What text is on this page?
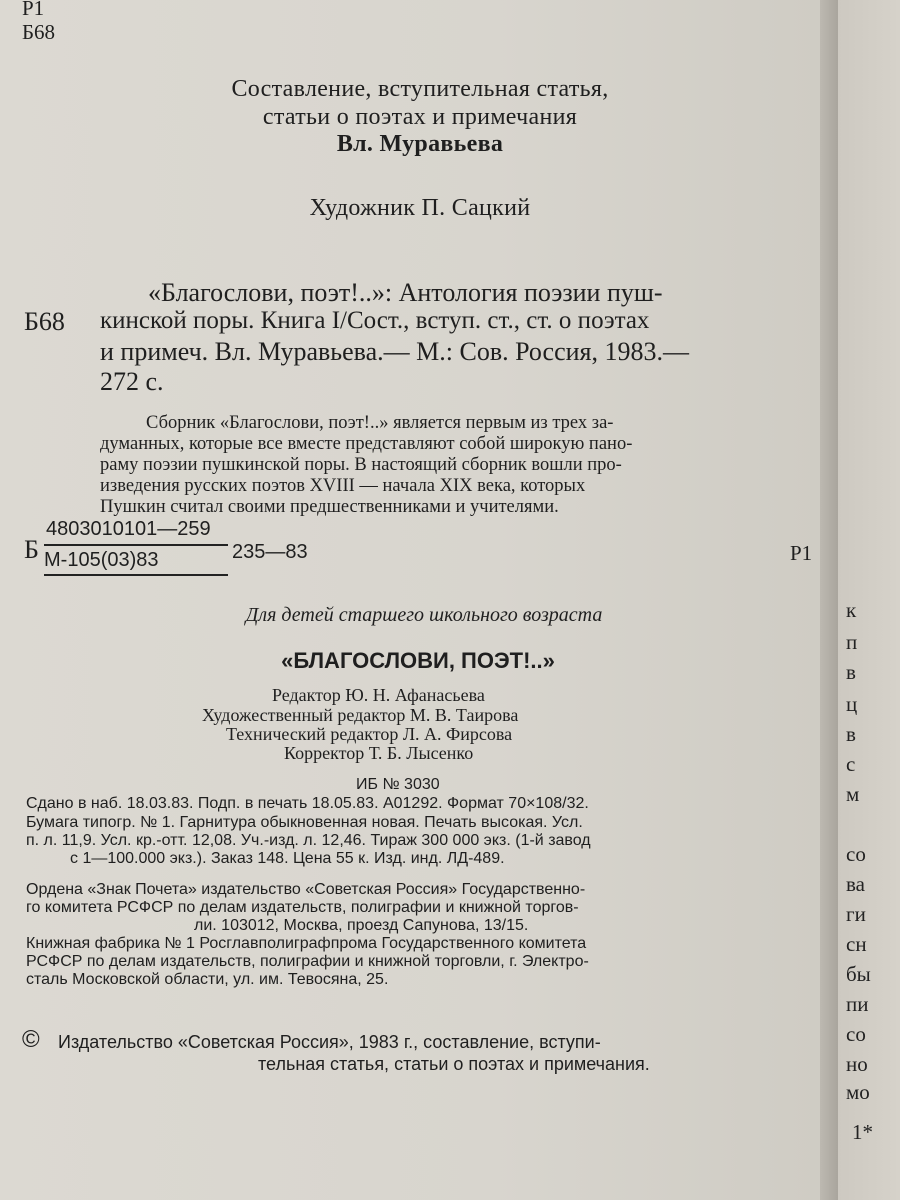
Р1
Б68
Составление, вступительная статья,
статьи о поэтах и примечания
Вл. Муравьева
Художник П. Сацкий
Б68
«Благослови, поэт!..»: Антология поэзии пуш-
кинской поры. Книга I/Сост., вступ. ст., ст. о поэтах
и примеч. Вл. Муравьева.— М.: Сов. Россия, 1983.—
272 с.
Сборник «Благослови, поэт!..» является первым из трех за-
думанных, которые все вместе представляют собой широкую пано-
раму поэзии пушкинской поры. В настоящий сборник вошли про-
изведения русских поэтов XVIII — начала XIX века, которых
Пушкин считал своими предшественниками и учителями.
Б
4803010101—259
М-105(03)83	235—83	Р1
Для детей старшего школьного возраста
«БЛАГОСЛОВИ, ПОЭТ!..»
Редактор Ю. Н. Афанасьева
Художественный редактор М. В. Таирова
Технический редактор Л. А. Фирсова
Корректор Т. Б. Лысенко
ИБ № 3030
Сдано в наб. 18.03.83. Подп. в печать 18.05.83. А01292. Формат 70×108/32.
Бумага типогр. № 1. Гарнитура обыкновенная новая. Печать высокая. Усл.
п. л. 11,9. Усл. кр.-отт. 12,08. Уч.-изд. л. 12,46. Тираж 300 000 экз. (1-й завод
с 1—100.000 экз.). Заказ 148. Цена 55 к. Изд. инд. ЛД-489.
Ордена «Знак Почета» издательство «Советская Россия» Государственно-
го комитета РСФСР по делам издательств, полиграфии и книжной торгов-
ли. 103012, Москва, проезд Сапунова, 13/15.
Книжная фабрика № 1 Росглавполиграфпрома Государственного комитета
РСФСР по делам издательств, полиграфии и книжной торговли, г. Электро-
сталь Московской области, ул. им. Тевосяна, 25.
© Издательство «Советская Россия», 1983 г., составление, вступи-
тельная статья, статьи о поэтах и примечания.
к
п
в
ц
в
с
м
со
ва
ги
сн
бы
пи
со
но
мо
1*
